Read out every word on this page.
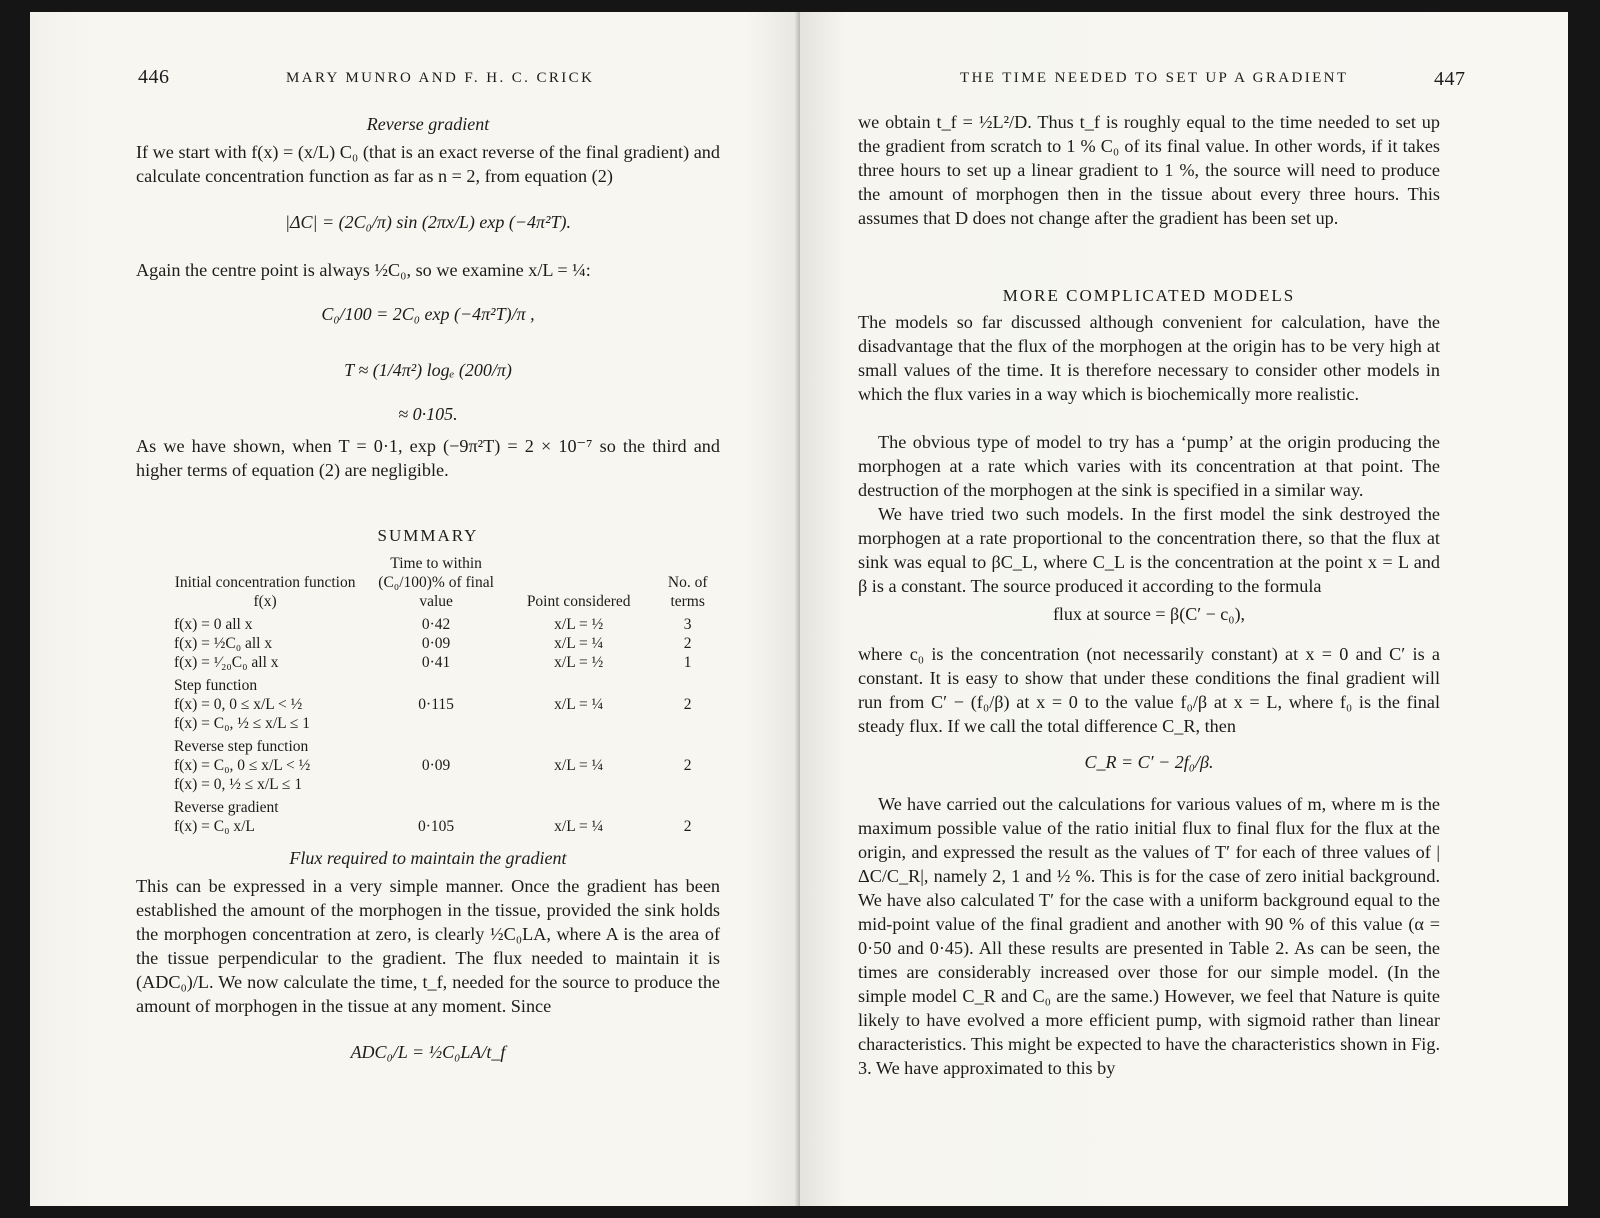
446	MARY MUNRO AND F. H. C. CRICK
Reverse gradient

If we start with f(x) = (x/L) C₀ (that is an exact reverse of the final gradient) and calculate concentration function as far as n = 2, from equation (2)

|ΔC| = (2C₀/π) sin (2πx/L) exp (−4π²T).

Again the centre point is always ½C₀, so we examine x/L = ¼:

C₀/100 = 2C₀ exp (−4π²T)/π ,
T ≈ (1/4π²) logₑ (200/π)
≈ 0·105.

As we have shown, when T = 0·1, exp (−9π²T) = 2 × 10⁻⁷ so the third and higher terms of equation (2) are negligible.

SUMMARY
Initial concentration function f(x)	Time to within (C₀/100)% of final value	Point considered	No. of terms
f(x) = 0 all x	0·42	x/L = ½	3
f(x) = ½C₀ all x	0·09	x/L = ¼	2
f(x) = ¹⁄₂₀C₀ all x	0·41	x/L = ½	1
Step function			
f(x) = 0, 0 ≤ x/L < ½	0·115	x/L = ¼	2
f(x) = C₀, ½ ≤ x/L ≤ 1			
Reverse step function			
f(x) = C₀, 0 ≤ x/L < ½	0·09	x/L = ¼	2
f(x) = 0, ½ ≤ x/L ≤ 1			
Reverse gradient			
f(x) = C₀ x/L	0·105	x/L = ¼	2
Flux required to maintain the gradient

This can be expressed in a very simple manner. Once the gradient has been established the amount of the morphogen in the tissue, provided the sink holds the morphogen concentration at zero, is clearly ½C₀LA, where A is the area of the tissue perpendicular to the gradient. The flux needed to maintain it is (ADC₀)/L. We now calculate the time, t_f, needed for the source to produce the amount of morphogen in the tissue at any moment. Since

ADC₀/L = ½C₀LA/t_f
THE TIME NEEDED TO SET UP A GRADIENT	447

we obtain t_f = ½L²/D. Thus t_f is roughly equal to the time needed to set up the gradient from scratch to 1 % C₀ of its final value. In other words, if it takes three hours to set up a linear gradient to 1 %, the source will need to produce the amount of morphogen then in the tissue about every three hours. This assumes that D does not change after the gradient has been set up.

MORE COMPLICATED MODELS

The models so far discussed although convenient for calculation, have the disadvantage that the flux of the morphogen at the origin has to be very high at small values of the time. It is therefore necessary to consider other models in which the flux varies in a way which is biochemically more realistic.

The obvious type of model to try has a ‘pump’ at the origin producing the morphogen at a rate which varies with its concentration at that point. The destruction of the morphogen at the sink is specified in a similar way.

We have tried two such models. In the first model the sink destroyed the morphogen at a rate proportional to the concentration there, so that the flux at sink was equal to βC_L, where C_L is the concentration at the point x = L and β is a constant. The source produced it according to the formula

flux at source = β(C′ − c₀),

where c₀ is the concentration (not necessarily constant) at x = 0 and C′ is a constant. It is easy to show that under these conditions the final gradient will run from C′ − (f₀/β) at x = 0 to the value f₀/β at x = L, where f₀ is the final steady flux. If we call the total difference C_R, then

C_R = C′ − 2f₀/β.

We have carried out the calculations for various values of m, where m is the maximum possible value of the ratio initial flux to final flux for the flux at the origin, and expressed the result as the values of T′ for each of three values of |ΔC/C_R|, namely 2, 1 and ½ %. This is for the case of zero initial background. We have also calculated T′ for the case with a uniform background equal to the mid-point value of the final gradient and another with 90 % of this value (α = 0·50 and 0·45). All these results are presented in Table 2. As can be seen, the times are considerably increased over those for our simple model. (In the simple model C_R and C₀ are the same.) However, we feel that Nature is quite likely to have evolved a more efficient pump, with sigmoid rather than linear characteristics. This might be expected to have the characteristics shown in Fig. 3. We have approximated to this by
